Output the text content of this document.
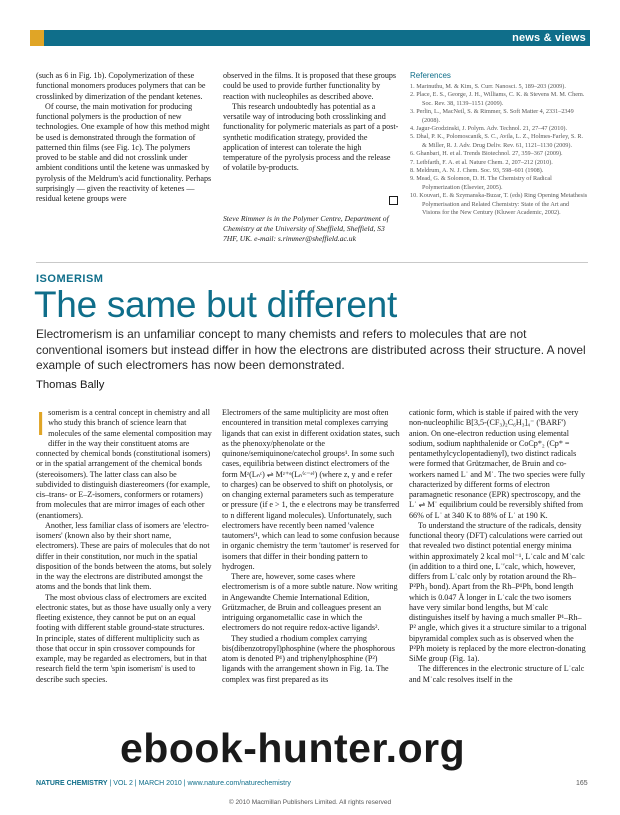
news & views

(such as 6 in Fig. 1b). Copolymerization of these functional monomers produces polymers that can be crosslinked by dimerization of the pendant ketenes.

Of course, the main motivation for producing functional polymers is the production of new technologies. One example of how this method might be used is demonstrated through the formation of patterned thin films (see Fig. 1c). The polymers proved to be stable and did not crosslink under ambient conditions until the ketene was unmasked by pyrolysis of the Meldrum's acid functionality. Perhaps surprisingly — given the reactivity of ketenes — residual ketene groups were

observed in the films. It is proposed that these groups could be used to provide further functionality by reaction with nucleophiles as described above.

This research undoubtedly has potential as a versatile way of introducing both crosslinking and functionality for polymeric materials as part of a post-synthetic modification strategy, provided the application of interest can tolerate the high temperature of the pyrolysis process and the release of volatile by-products.

Steve Rimmer is in the Polymer Centre, Department of Chemistry at the University of Sheffield, Sheffield, S3 7HF, UK. e-mail: s.rimmer@sheffield.ac.uk
References
1. Marinuthu, M. & Kim, S. Curr. Nanosci. 5, 189–203 (2009).
2. Place, E. S., George, J. H., Williams, C. K. & Stevens M. M. Chem. Soc. Rev. 38, 1139–1151 (2009).
3. Perlin, L., MacNeil, S. & Rimmer, S. Soft Matter 4, 2331–2349 (2008).
4. Jagur-Grodzinski, J. Polym. Adv. Technol. 21, 27–47 (2010).
5. Dhal, P. K., Polomoscanik, S. C., Avila, L. Z., Holmes-Farley, S. R. & Miller, R. J. Adv. Drug Deliv. Rev. 61, 1121–1130 (2009).
6. Ghanbari, H. et al. Trends Biotechnol. 27, 359–367 (2009).
7. Leibfarth, F. A. et al. Nature Chem. 2, 207–212 (2010).
8. Meldrum, A. N. J. Chem. Soc. 93, 598–601 (1908).
9. Mead, G. & Solomon, D. H. The Chemistry of Radical Polymerization (Elsevier, 2005).
10. Kouvari, E. & Szymanska-Buzar, T. (eds) Ring Opening Metathesis Polymerisation and Related Chemistry: State of the Art and Visions for the New Century (Kluwer Academic, 2002).
ISOMERISM
The same but different
Electromerism is an unfamiliar concept to many chemists and refers to molecules that are not conventional isomers but instead differ in how the electrons are distributed across their structure. A novel example of such electromers has now been demonstrated.
Thomas Bally

Isomerism is a central concept in chemistry and all who study this branch of science learn that molecules of the same elemental composition may differ in the way their constituent atoms are connected by chemical bonds (constitutional isomers) or in the spatial arrangement of the chemical bonds (stereoisomers). The latter class can also be subdivided to distinguish diastereomers (for example, cis–trans- or E–Z-isomers, conformers or rotamers) from molecules that are mirror images of each other (enantiomers).

Another, less familiar class of isomers are 'electro-isomers' (known also by their short name, electromers). These are pairs of molecules that do not differ in their constitution, nor much in the spatial disposition of the bonds between the atoms, but solely in the way the electrons are distributed amongst the atoms and the bonds that link them.

The most obvious class of electromers are excited electronic states, but as those have usually only a very fleeting existence, they cannot be put on an equal footing with different stable ground-state structures. In principle, states of different multiplicity such as those that occur in spin crossover compounds for example, may be regarded as electromers, but in that research field the term 'spin isomerism' is used to describe such species.

Electromers of the same multiplicity are most often encountered in transition metal complexes carrying ligands that can exist in different oxidation states, such as the phenoxy/phenolate or the quinone/semiquinone/catechol groups¹. In some such cases, equilibria between distinct electromers of the form Mᶻ(Lₙᶜ) ⇌ Mᶻ⁺ᵉ(Lₙ⁽ᶜ⁻ᵉ⁾) (where z, y and e refer to charges) can be observed to shift on photolysis, or on changing external parameters such as temperature or pressure (if e > 1, the e electrons may be transferred to n different ligand molecules). Unfortunately, such electromers have recently been named 'valence tautomers'¹, which can lead to some confusion because in organic chemistry the term 'tautomer' is reserved for isomers that differ in their bonding pattern to hydrogen.

There are, however, some cases where electromerism is of a more subtle nature. Now writing in Angewandte Chemie International Edition, Grützmacher, de Bruin and colleagues present an intriguing organometallic case in which the electromers do not require redox-active ligands².

They studied a rhodium complex carrying bis(dibenzotropyl)phosphine (where the phosphorous atom is denoted P¹) and triphenylphosphine (P²) ligands with the arrangement shown in Fig. 1a. The complex was first prepared as its

cationic form, which is stable if paired with the very non-nucleophilic B[3,5-(CF₃)₂C₆H₃]₄⁻ ('BARF') anion. On one-electron reduction using elemental sodium, sodium naphthalenide or CoCp*₂ (Cp* = pentamethylcyclopentadienyl), two distinct radicals were formed that Grützmacher, de Bruin and co-workers named L˙ and M˙. The two species were fully characterized by different forms of electron paramagnetic resonance (EPR) spectroscopy, and the L˙ ⇌ M˙ equilibrium could be reversibly shifted from 66% of L˙ at 340 K to 88% of L˙ at 190 K.

To understand the structure of the radicals, density functional theory (DFT) calculations were carried out that revealed two distinct potential energy minima within approximately 2 kcal mol⁻¹, L˙calc and M˙calc (in addition to a third one, L˙′calc, which, however, differs from L˙calc only by rotation around the Rh–P²Ph₃ bond). Apart from the Rh–P¹Ph, bond length which is 0.047 Å longer in L˙calc the two isomers have very similar bond lengths, but M˙calc distinguishes itself by having a much smaller P¹–Rh–P² angle, which gives it a structure similar to a trigonal bipyramidal complex such as is observed when the P²Ph moiety is replaced by the more electron-donating SiMe group (Fig. 1a).

The differences in the electronic structure of L˙calc and M˙calc resolves itself in the

ebook-hunter.org
NATURE CHEMISTRY | VOL 2 | MARCH 2010 | www.nature.com/naturechemistry	165
© 2010 Macmillan Publishers Limited. All rights reserved
